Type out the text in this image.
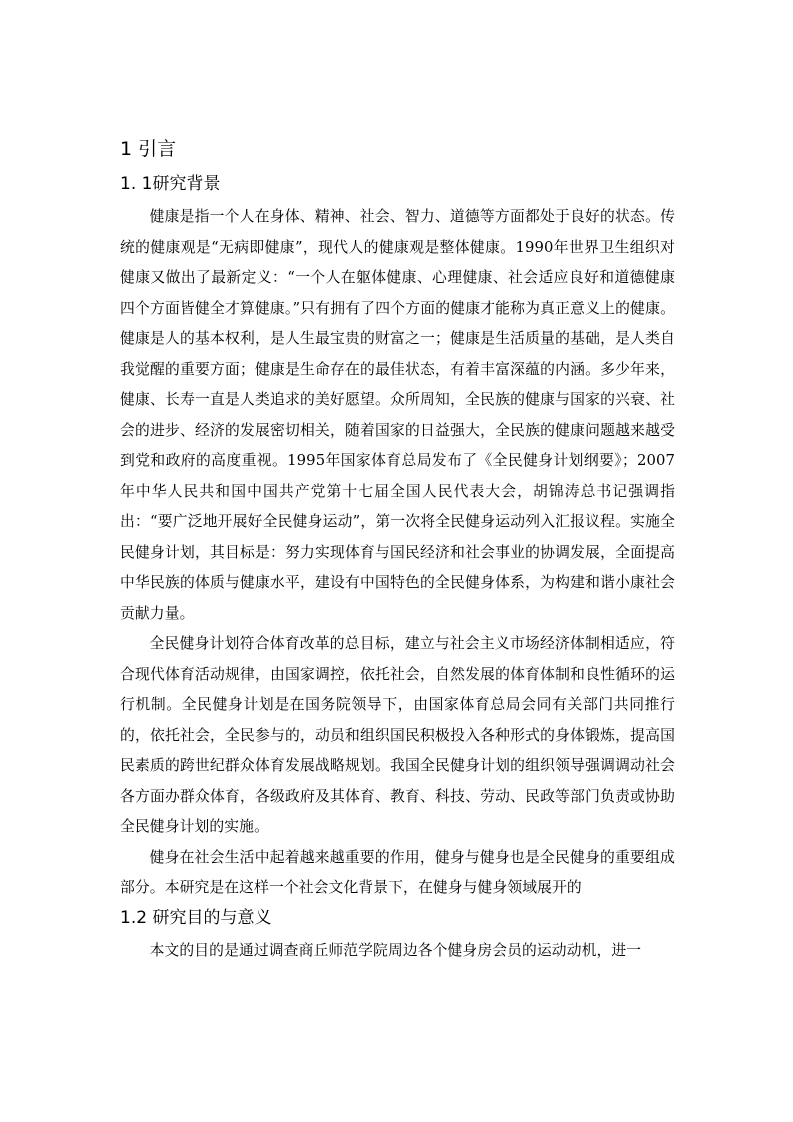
1 引言
1. 1研究背景

健康是指一个人在身体、精神、社会、智力、道德等方面都处于良好的状态。传统的健康观是“无病即健康”，现代人的健康观是整体健康。1990年世界卫生组织对健康又做出了最新定义：“一个人在躯体健康、心理健康、社会适应良好和道德健康四个方面皆健全才算健康。”只有拥有了四个方面的健康才能称为真正意义上的健康。健康是人的基本权利，是人生最宝贵的财富之一；健康是生活质量的基础，是人类自我觉醒的重要方面；健康是生命存在的最佳状态，有着丰富深蕴的内涵。多少年来，健康、长寿一直是人类追求的美好愿望。众所周知，全民族的健康与国家的兴衰、社会的进步、经济的发展密切相关，随着国家的日益强大，全民族的健康问题越来越受到党和政府的高度重视。1995年国家体育总局发布了《全民健身计划纲要》；2007年中华人民共和国中国共产党第十七届全国人民代表大会，胡锦涛总书记强调指出：“要广泛地开展好全民健身运动”，第一次将全民健身运动列入汇报议程。实施全民健身计划，其目标是：努力实现体育与国民经济和社会事业的协调发展，全面提高中华民族的体质与健康水平，建设有中国特色的全民健身体系，为构建和谐小康社会贡献力量。

全民健身计划符合体育改革的总目标，建立与社会主义市场经济体制相适应，符合现代体育活动规律，由国家调控，依托社会，自然发展的体育体制和良性循环的运行机制。全民健身计划是在国务院领导下，由国家体育总局会同有关部门共同推行的，依托社会，全民参与的，动员和组织国民积极投入各种形式的身体锻炼，提高国民素质的跨世纪群众体育发展战略规划。我国全民健身计划的组织领导强调调动社会各方面办群众体育，各级政府及其体育、教育、科技、劳动、民政等部门负责或协助全民健身计划的实施。

健身在社会生活中起着越来越重要的作用，健身与健身也是全民健身的重要组成部分。本研究是在这样一个社会文化背景下，在健身与健身领域展开的

1.2 研究目的与意义

本文的目的是通过调查商丘师范学院周边各个健身房会员的运动动机，进一
